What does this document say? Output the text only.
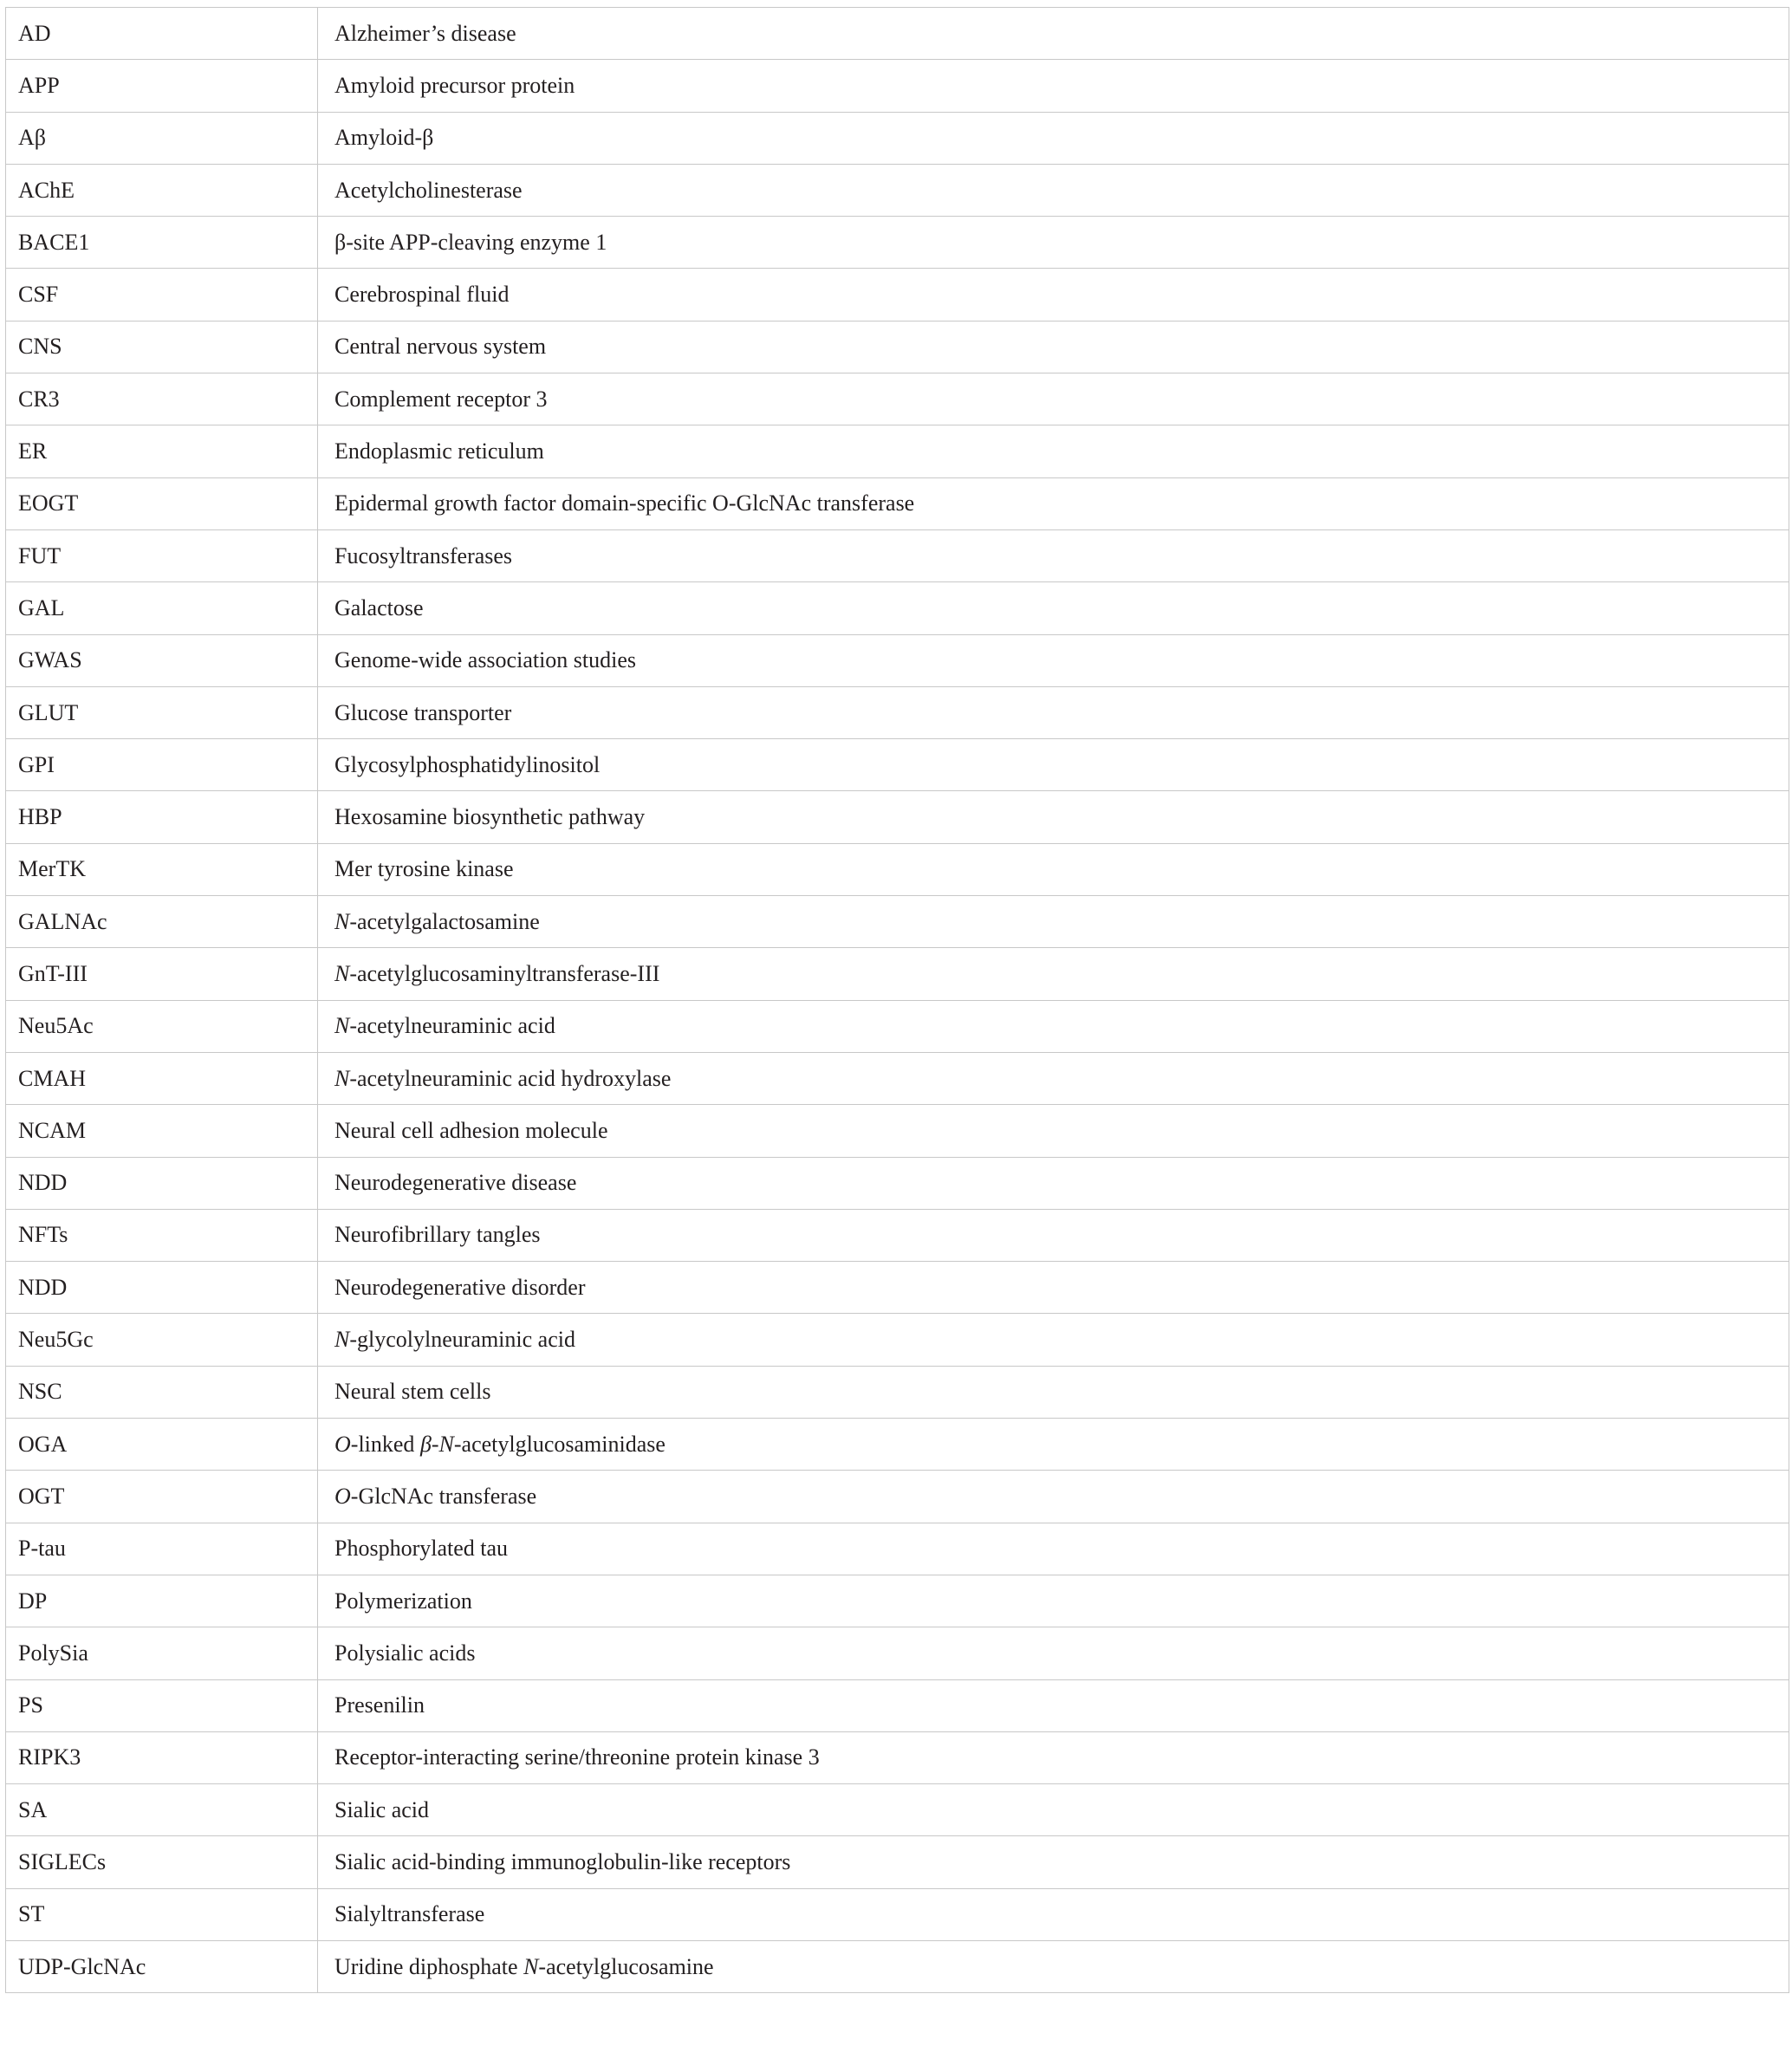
AD	Alzheimer’s disease
APP	Amyloid precursor protein
Aβ	Amyloid-β
AChE	Acetylcholinesterase
BACE1	β-site APP-cleaving enzyme 1
CSF	Cerebrospinal fluid
CNS	Central nervous system
CR3	Complement receptor 3
ER	Endoplasmic reticulum
EOGT	Epidermal growth factor domain-specific O-GlcNAc transferase
FUT	Fucosyltransferases
GAL	Galactose
GWAS	Genome-wide association studies
GLUT	Glucose transporter
GPI	Glycosylphosphatidylinositol
HBP	Hexosamine biosynthetic pathway
MerTK	Mer tyrosine kinase
GALNAc	N-acetylgalactosamine
GnT-III	N-acetylglucosaminyltransferase-III
Neu5Ac	N-acetylneuraminic acid
CMAH	N-acetylneuraminic acid hydroxylase
NCAM	Neural cell adhesion molecule
NDD	Neurodegenerative disease
NFTs	Neurofibrillary tangles
NDD	Neurodegenerative disorder
Neu5Gc	N-glycolylneuraminic acid
NSC	Neural stem cells
OGA	O-linked β-N-acetylglucosaminidase
OGT	O-GlcNAc transferase
P-tau	Phosphorylated tau
DP	Polymerization
PolySia	Polysialic acids
PS	Presenilin
RIPK3	Receptor-interacting serine/threonine protein kinase 3
SA	Sialic acid
SIGLECs	Sialic acid-binding immunoglobulin-like receptors
ST	Sialyltransferase
UDP-GlcNAc	Uridine diphosphate N-acetylglucosamine
